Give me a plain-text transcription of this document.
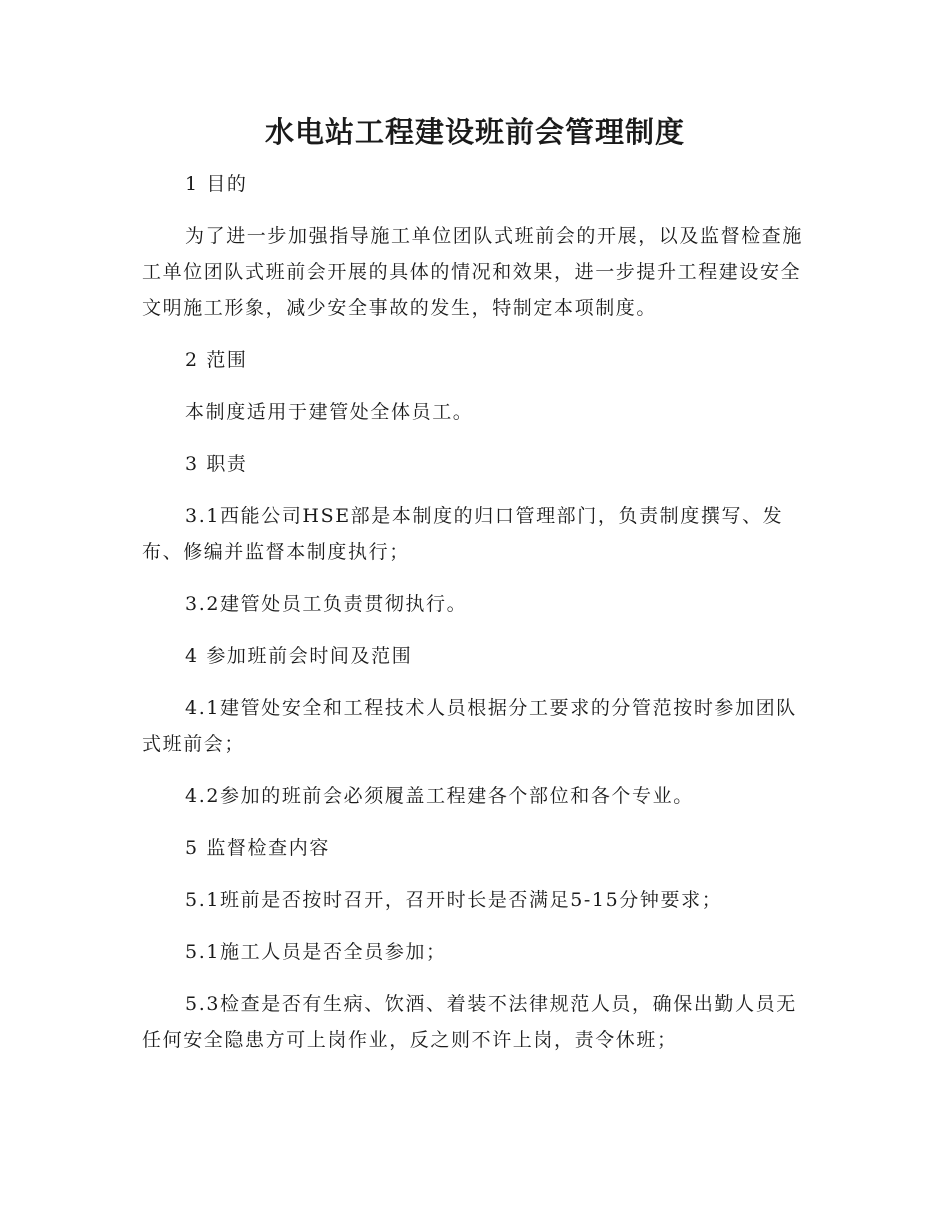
水电站工程建设班前会管理制度

1 目的

为了进一步加强指导施工单位团队式班前会的开展，以及监督检查施工单位团队式班前会开展的具体的情况和效果，进一步提升工程建设安全文明施工形象，减少安全事故的发生，特制定本项制度。

2 范围

本制度适用于建管处全体员工。

3 职责

3.1西能公司HSE部是本制度的归口管理部门，负责制度撰写、发布、修编并监督本制度执行；

3.2建管处员工负责贯彻执行。

4 参加班前会时间及范围

4.1建管处安全和工程技术人员根据分工要求的分管范按时参加团队式班前会；

4.2参加的班前会必须履盖工程建各个部位和各个专业。

5 监督检查内容

5.1班前是否按时召开，召开时长是否满足5-15分钟要求；

5.1施工人员是否全员参加；

5.3检查是否有生病、饮酒、着装不法律规范人员，确保出勤人员无任何安全隐患方可上岗作业，反之则不许上岗，责令休班；
